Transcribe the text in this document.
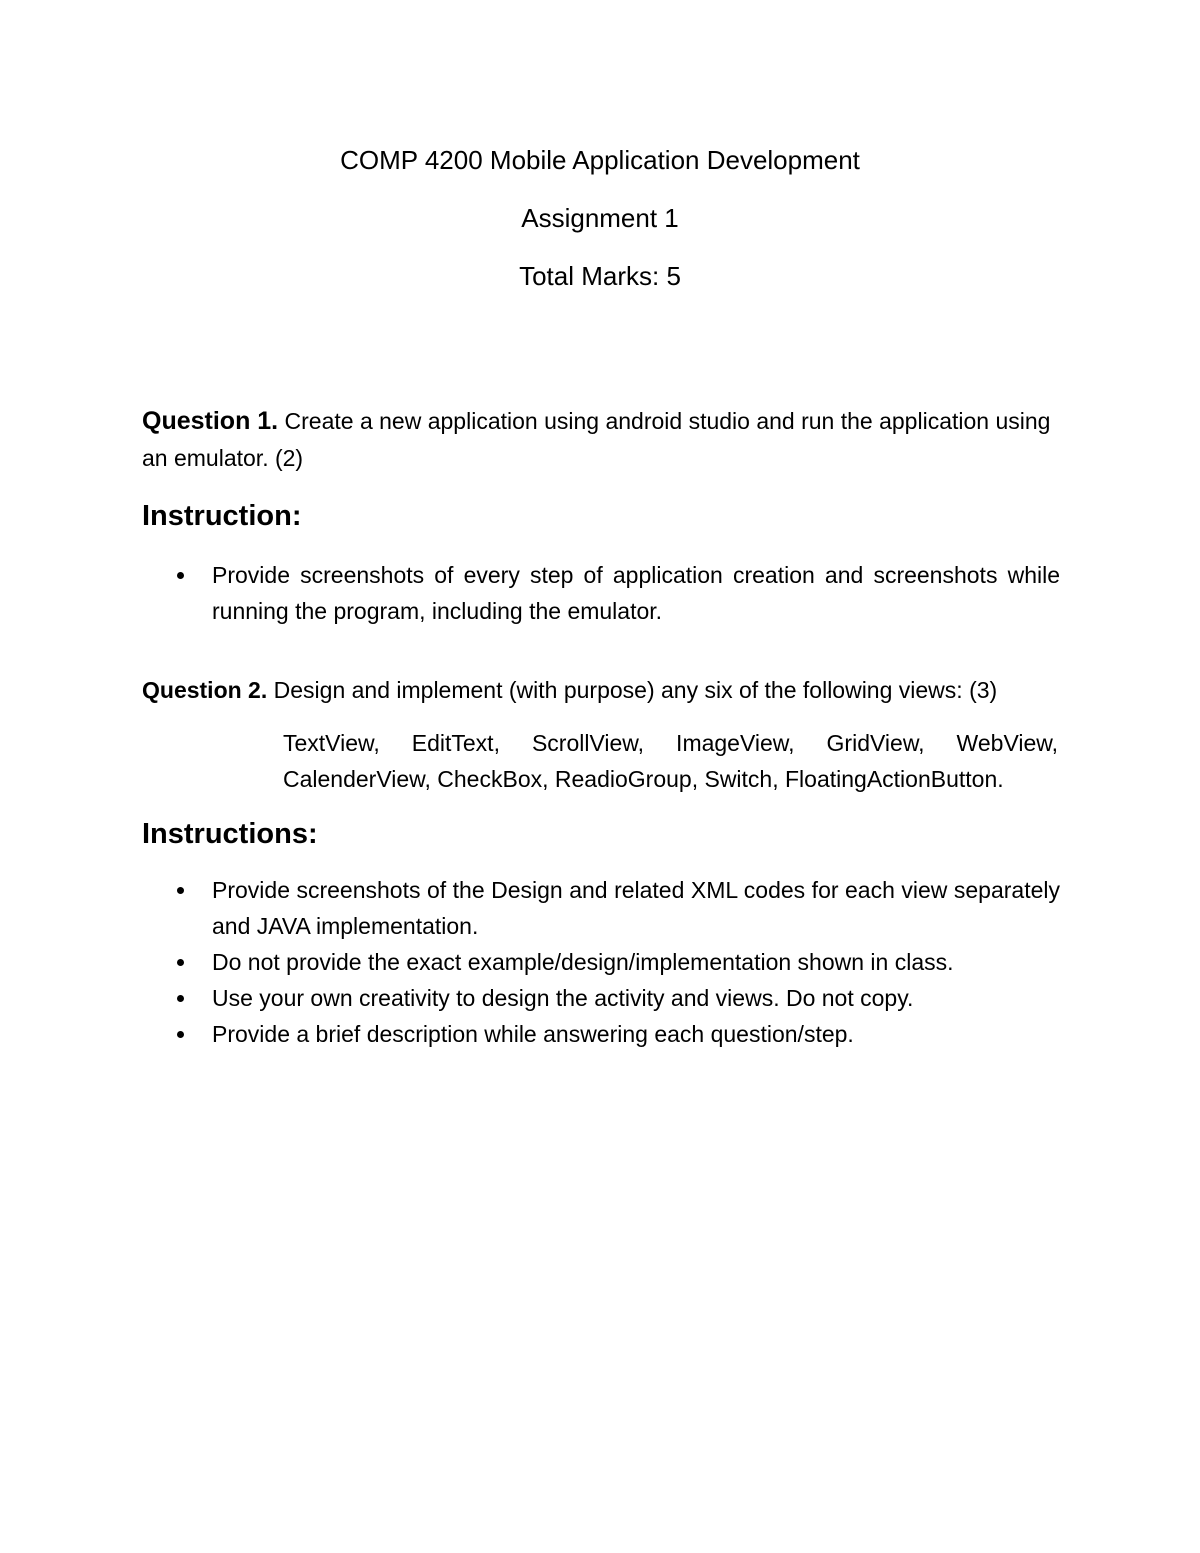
COMP 4200 Mobile Application Development
Assignment 1
Total Marks: 5
Question 1. Create a new application using android studio and run the application using an emulator. (2)
Instruction:
Provide screenshots of every step of application creation and screenshots while running the program, including the emulator.
Question 2. Design and implement (with purpose) any six of the following views: (3)
TextView, EditText, ScrollView, ImageView, GridView, WebView, CalenderView, CheckBox, ReadioGroup, Switch, FloatingActionButton.
Instructions:
Provide screenshots of the Design and related XML codes for each view separately and JAVA implementation.
Do not provide the exact example/design/implementation shown in class.
Use your own creativity to design the activity and views. Do not copy.
Provide a brief description while answering each question/step.
